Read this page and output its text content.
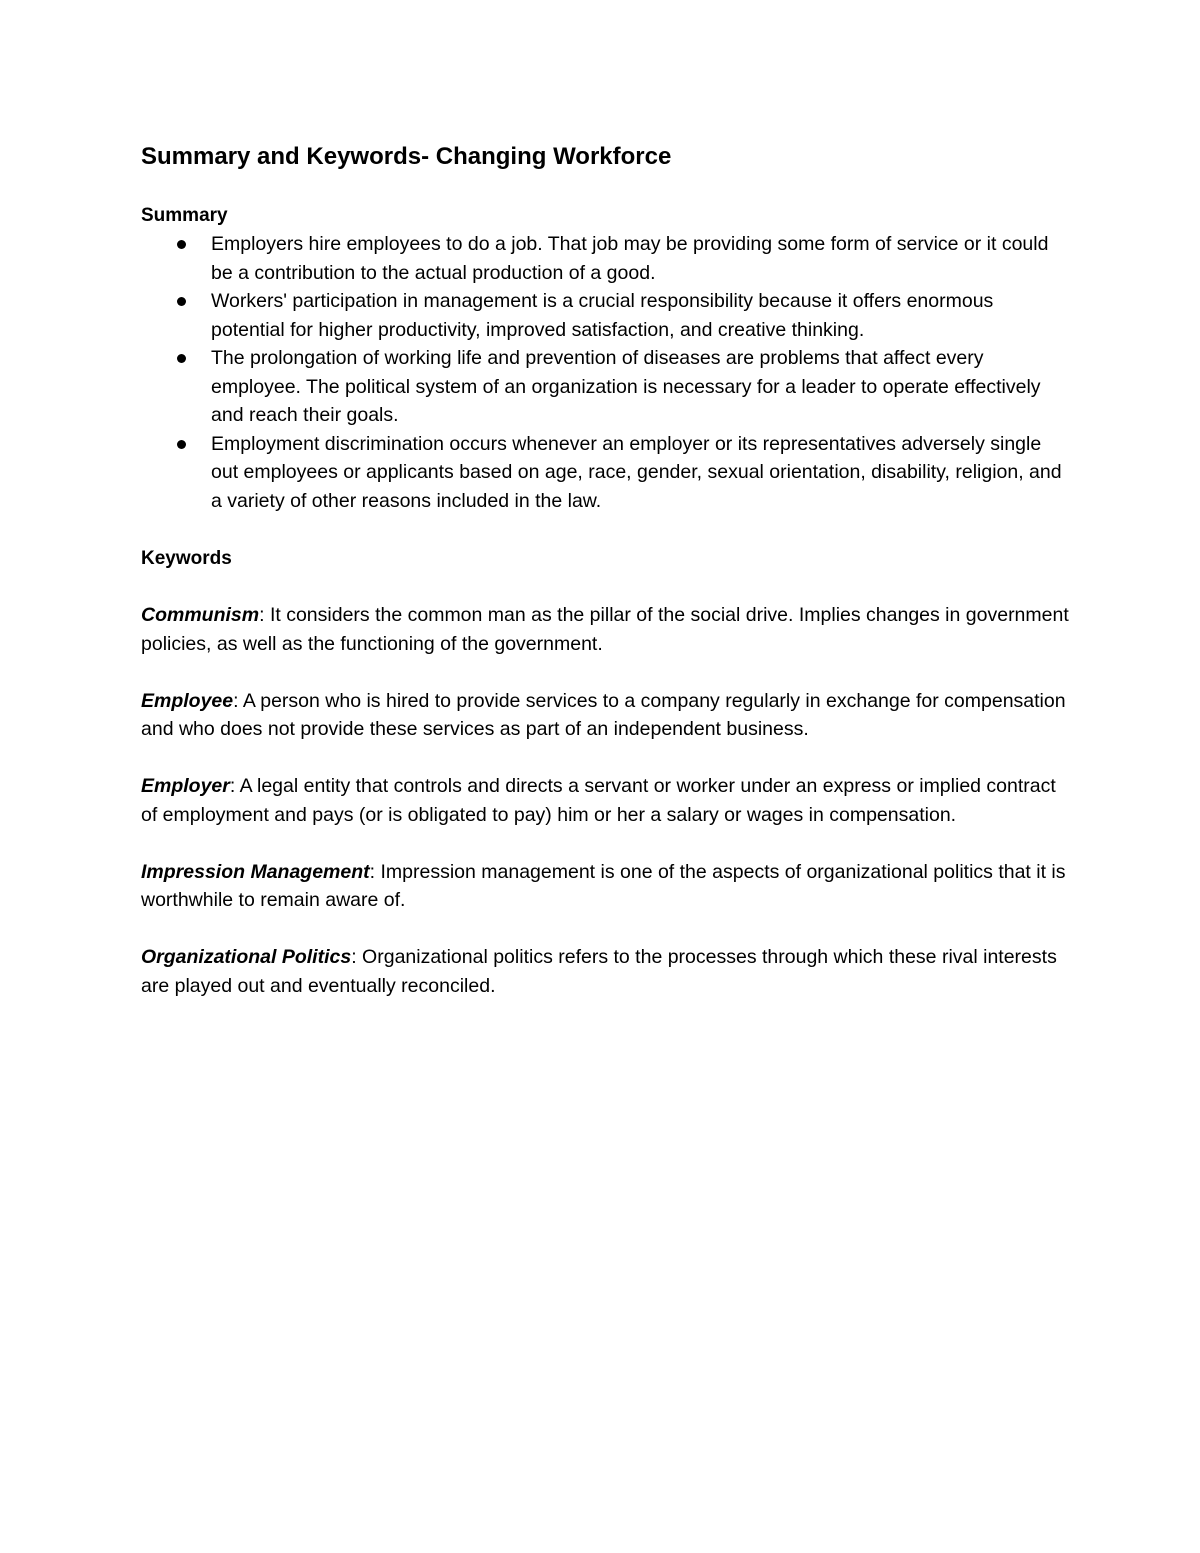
Summary and Keywords- Changing Workforce
Summary
Employers hire employees to do a job. That job may be providing some form of service or it could be a contribution to the actual production of a good.
Workers' participation in management is a crucial responsibility because it offers enormous potential for higher productivity, improved satisfaction, and creative thinking.
The prolongation of working life and prevention of diseases are problems that affect every employee. The political system of an organization is necessary for a leader to operate effectively and reach their goals.
Employment discrimination occurs whenever an employer or its representatives adversely single out employees or applicants based on age, race, gender, sexual orientation, disability, religion, and a variety of other reasons included in the law.
Keywords

Communism: It considers the common man as the pillar of the social drive. Implies changes in government policies, as well as the functioning of the government.

Employee: A person who is hired to provide services to a company regularly in exchange for compensation and who does not provide these services as part of an independent business.

Employer: A legal entity that controls and directs a servant or worker under an express or implied contract of employment and pays (or is obligated to pay) him or her a salary or wages in compensation.

Impression Management: Impression management is one of the aspects of organizational politics that it is worthwhile to remain aware of.

Organizational Politics: Organizational politics refers to the processes through which these rival interests are played out and eventually reconciled.
